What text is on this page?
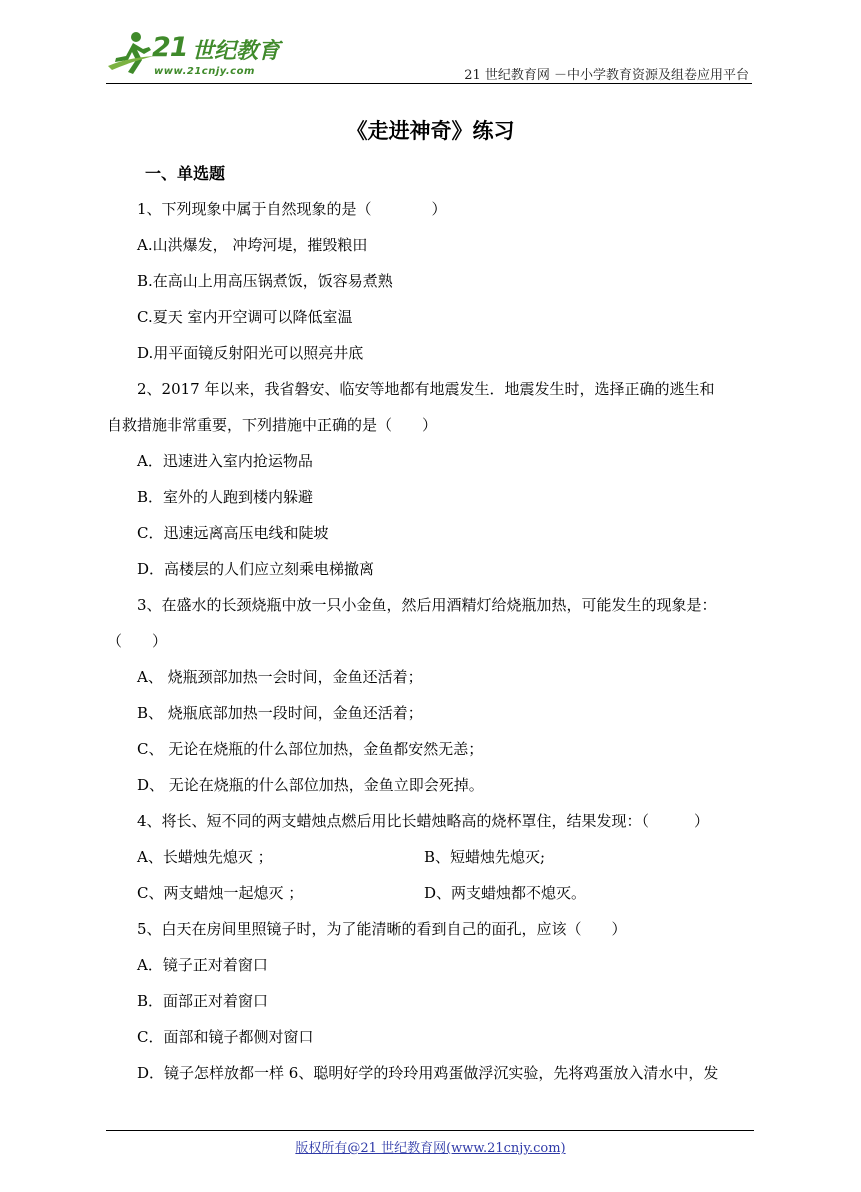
21 世纪教育
www.21cnjy.com	21 世纪教育网 －中小学教育资源及组卷应用平台
《走进神奇》练习
一、单选题
1、下列现象中属于自然现象的是（　　　　）
A.山洪爆发， 冲垮河堤，摧毁粮田
B.在高山上用高压锅煮饭，饭容易煮熟
C.夏天 室内开空调可以降低室温
D.用平面镜反射阳光可以照亮井底
2、2017 年以来，我省磐安、临安等地都有地震发生．地震发生时，选择正确的逃生和
自救措施非常重要，下列措施中正确的是（　　）
A．迅速进入室内抢运物品
B．室外的人跑到楼内躲避
C．迅速远离高压电线和陡坡
D．高楼层的人们应立刻乘电梯撤离
3、在盛水的长颈烧瓶中放一只小金鱼，然后用酒精灯给烧瓶加热，可能发生的现象是：
（　　）
A、 烧瓶颈部加热一会时间，金鱼还活着；
B、 烧瓶底部加热一段时间，金鱼还活着；
C、 无论在烧瓶的什么部位加热，金鱼都安然无恙；
D、 无论在烧瓶的什么部位加热，金鱼立即会死掉。
4、将长、短不同的两支蜡烛点燃后用比长蜡烛略高的烧杯罩住，结果发现：（　　　）
A、长蜡烛先熄灭 ；	B、短蜡烛先熄灭;
C、两支蜡烛一起熄灭 ；	D、两支蜡烛都不熄灭。
5、白天在房间里照镜子时，为了能清晰的看到自己的面孔，应该（　　）
A．镜子正对着窗口
B．面部正对着窗口
C．面部和镜子都侧对窗口
D．镜子怎样放都一样 6、聪明好学的玲玲用鸡蛋做浮沉实验，先将鸡蛋放入清水中，发
版权所有@21 世纪教育网(www.21cnjy.com)
